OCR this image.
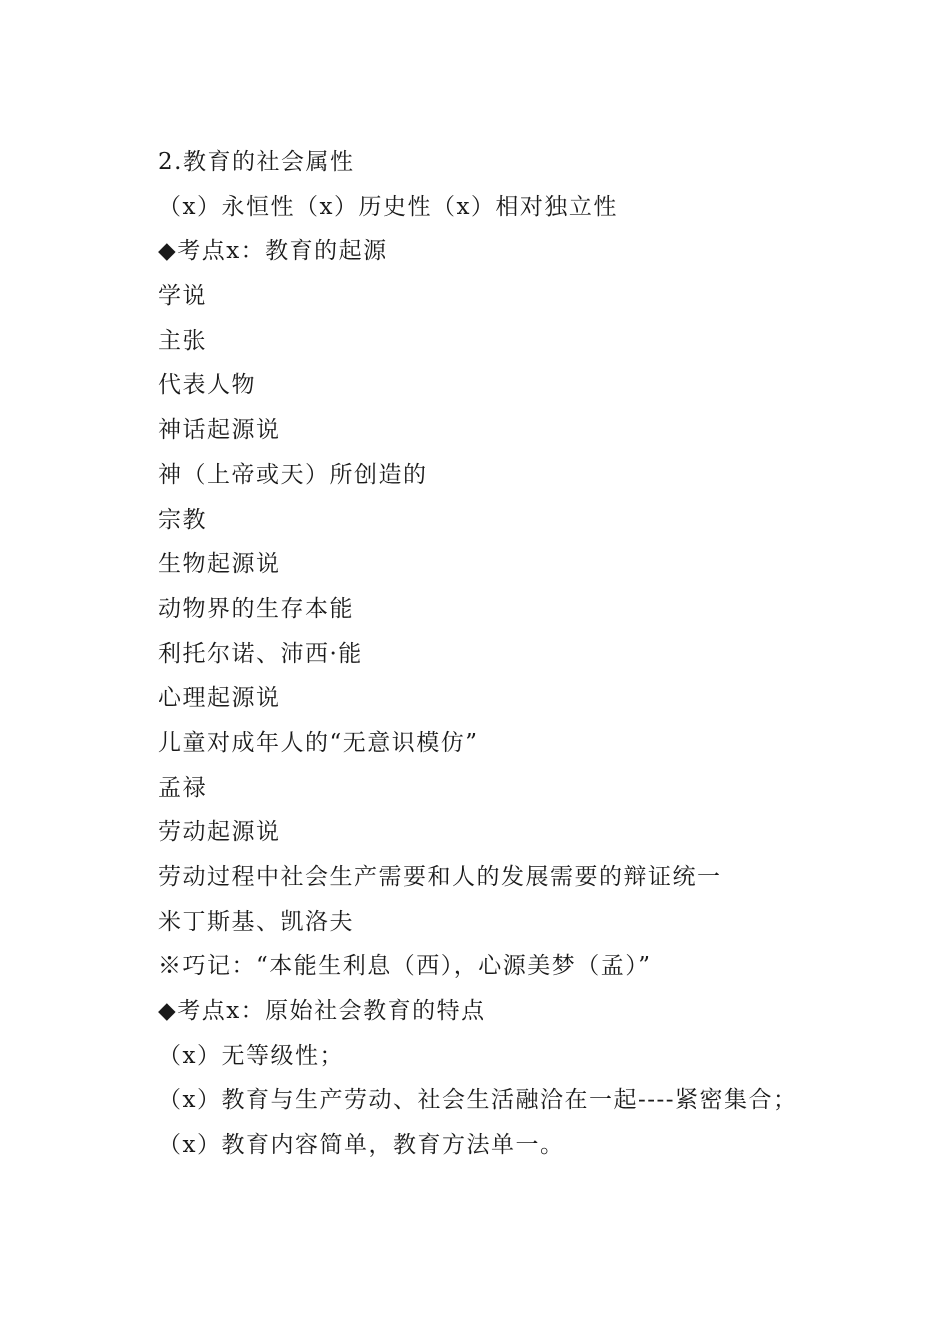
2.教育的社会属性
（x）永恒性（x）历史性（x）相对独立性
◆考点x：教育的起源
学说
主张
代表人物
神话起源说
神（上帝或天）所创造的
宗教
生物起源说
动物界的生存本能
利托尔诺、沛西·能
心理起源说
儿童对成年人的“无意识模仿”
孟禄
劳动起源说
劳动过程中社会生产需要和人的发展需要的辩证统一
米丁斯基、凯洛夫
※巧记：“本能生利息（西），心源美梦（孟）”
◆考点x：原始社会教育的特点
（x）无等级性；
（x）教育与生产劳动、社会生活融洽在一起----紧密集合；
（x）教育内容简单，教育方法单一。
